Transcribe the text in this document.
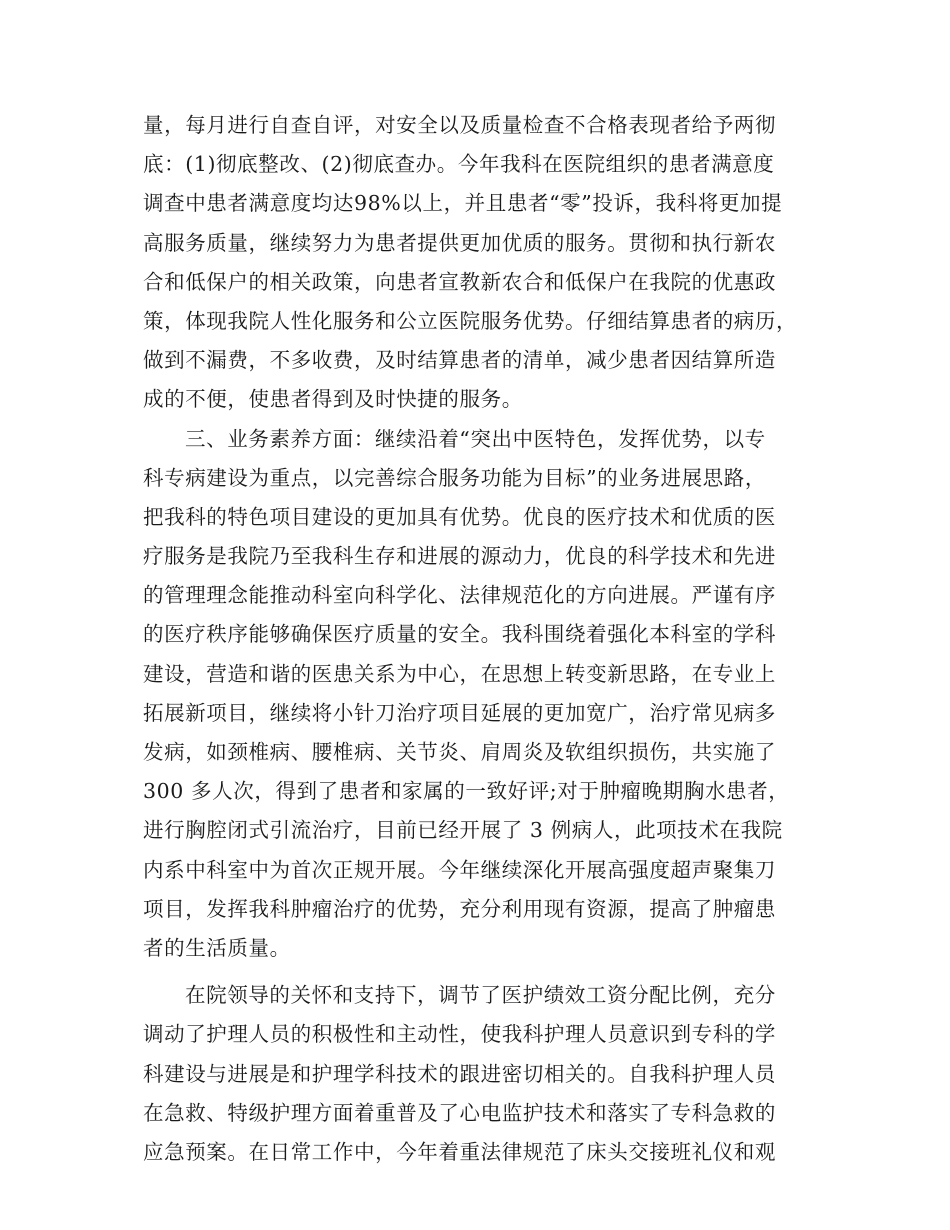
量，每月进行自查自评，对安全以及质量检查不合格表现者给予两彻
底：(1)彻底整改、(2)彻底查办。今年我科在医院组织的患者满意度
调查中患者满意度均达98%以上，并且患者“零”投诉，我科将更加提
高服务质量，继续努力为患者提供更加优质的服务。贯彻和执行新农
合和低保户的相关政策，向患者宣教新农合和低保户在我院的优惠政
策，体现我院人性化服务和公立医院服务优势。仔细结算患者的病历，
做到不漏费，不多收费，及时结算患者的清单，减少患者因结算所造
成的不便，使患者得到及时快捷的服务。
三、业务素养方面：继续沿着“突出中医特色，发挥优势，以专
科专病建设为重点，以完善综合服务功能为目标”的业务进展思路，
把我科的特色项目建设的更加具有优势。优良的医疗技术和优质的医
疗服务是我院乃至我科生存和进展的源动力，优良的科学技术和先进
的管理理念能推动科室向科学化、法律规范化的方向进展。严谨有序
的医疗秩序能够确保医疗质量的安全。我科围绕着强化本科室的学科
建设，营造和谐的医患关系为中心，在思想上转变新思路，在专业上
拓展新项目，继续将小针刀治疗项目延展的更加宽广，治疗常见病多
发病，如颈椎病、腰椎病、关节炎、肩周炎及软组织损伤，共实施了
300 多人次，得到了患者和家属的一致好评;对于肿瘤晚期胸水患者，
进行胸腔闭式引流治疗，目前已经开展了 3 例病人，此项技术在我院
内系中科室中为首次正规开展。今年继续深化开展高强度超声聚集刀
项目，发挥我科肿瘤治疗的优势，充分利用现有资源，提高了肿瘤患
者的生活质量。
在院领导的关怀和支持下，调节了医护绩效工资分配比例，充分
调动了护理人员的积极性和主动性，使我科护理人员意识到专科的学
科建设与进展是和护理学科技术的跟进密切相关的。自我科护理人员
在急救、特级护理方面着重普及了心电监护技术和落实了专科急救的
应急预案。在日常工作中，今年着重法律规范了床头交接班礼仪和观
